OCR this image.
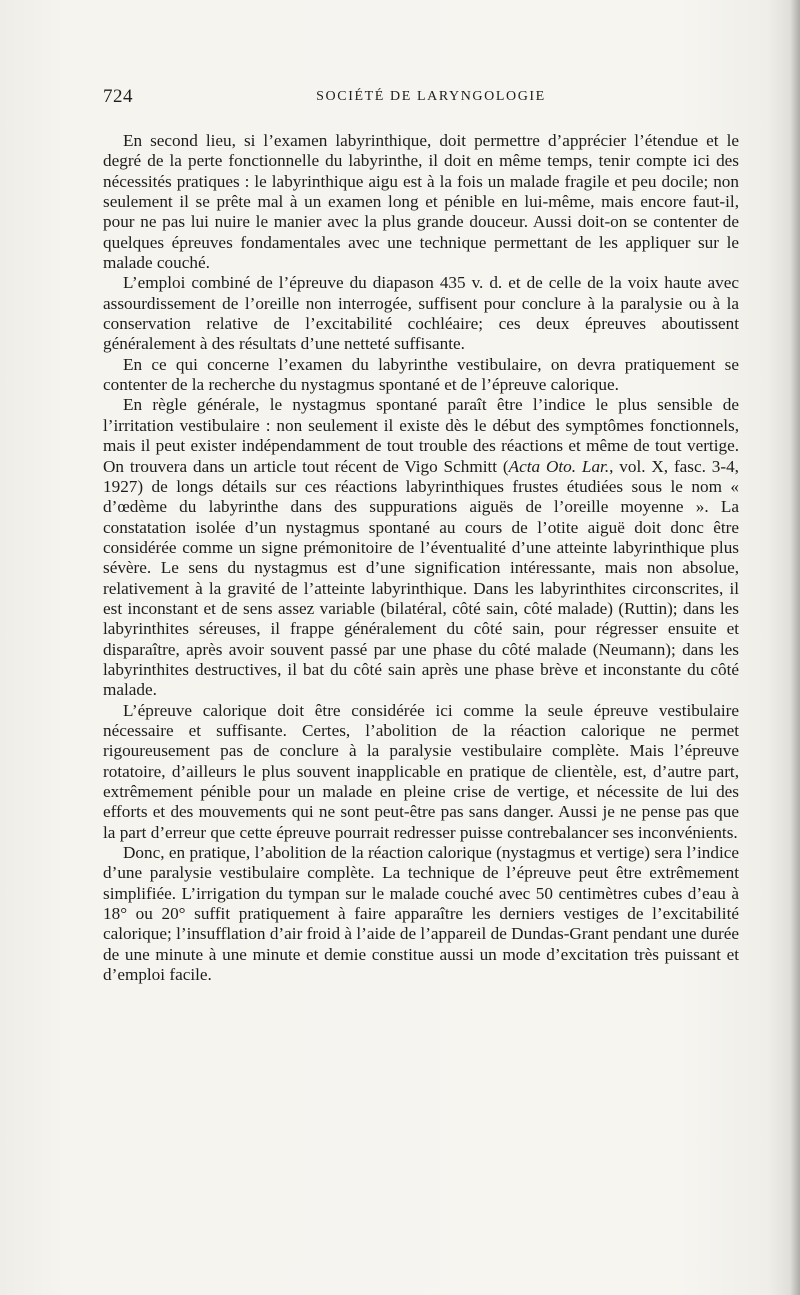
724	SOCIÉTÉ DE LARYNGOLOGIE

En second lieu, si l’examen labyrinthique, doit permettre d’apprécier l’étendue et le degré de la perte fonctionnelle du labyrinthe, il doit en même temps, tenir compte ici des nécessités pratiques : le labyrinthique aigu est à la fois un malade fragile et peu docile; non seulement il se prête mal à un examen long et pénible en lui-même, mais encore faut-il, pour ne pas lui nuire le manier avec la plus grande douceur. Aussi doit-on se contenter de quelques épreuves fondamentales avec une technique permettant de les appliquer sur le malade couché.

L’emploi combiné de l’épreuve du diapason 435 v. d. et de celle de la voix haute avec assourdissement de l’oreille non interrogée, suffisent pour conclure à la paralysie ou à la conservation relative de l’excitabilité cochléaire; ces deux épreuves aboutissent généralement à des résultats d’une netteté suffisante.

En ce qui concerne l’examen du labyrinthe vestibulaire, on devra pratiquement se contenter de la recherche du nystagmus spontané et de l’épreuve calorique.

En règle générale, le nystagmus spontané paraît être l’indice le plus sensible de l’irritation vestibulaire : non seulement il existe dès le début des symptômes fonctionnels, mais il peut exister indépendamment de tout trouble des réactions et même de tout vertige. On trouvera dans un article tout récent de Vigo Schmitt (Acta Oto. Lar., vol. X, fasc. 3-4, 1927) de longs détails sur ces réactions labyrinthiques frustes étudiées sous le nom « d’œdème du labyrinthe dans des suppurations aiguës de l’oreille moyenne ». La constatation isolée d’un nystagmus spontané au cours de l’otite aiguë doit donc être considérée comme un signe prémonitoire de l’éventualité d’une atteinte labyrinthique plus sévère. Le sens du nystagmus est d’une signification intéressante, mais non absolue, relativement à la gravité de l’atteinte labyrinthique. Dans les labyrinthites circonscrites, il est inconstant et de sens assez variable (bilatéral, côté sain, côté malade) (Ruttin); dans les labyrinthites séreuses, il frappe généralement du côté sain, pour régresser ensuite et disparaître, après avoir souvent passé par une phase du côté malade (Neumann); dans les labyrinthites destructives, il bat du côté sain après une phase brève et inconstante du côté malade.

L’épreuve calorique doit être considérée ici comme la seule épreuve vestibulaire nécessaire et suffisante. Certes, l’abolition de la réaction calorique ne permet rigoureusement pas de conclure à la paralysie vestibulaire complète. Mais l’épreuve rotatoire, d’ailleurs le plus souvent inapplicable en pratique de clientèle, est, d’autre part, extrêmement pénible pour un malade en pleine crise de vertige, et nécessite de lui des efforts et des mouvements qui ne sont peut-être pas sans danger. Aussi je ne pense pas que la part d’erreur que cette épreuve pourrait redresser puisse contrebalancer ses inconvénients.

Donc, en pratique, l’abolition de la réaction calorique (nystagmus et vertige) sera l’indice d’une paralysie vestibulaire complète. La technique de l’épreuve peut être extrêmement simplifiée. L’irrigation du tympan sur le malade couché avec 50 centimètres cubes d’eau à 18° ou 20° suffit pratiquement à faire apparaître les derniers vestiges de l’excitabilité calorique; l’insufflation d’air froid à l’aide de l’appareil de Dundas-Grant pendant une durée de une minute à une minute et demie constitue aussi un mode d’excitation très puissant et d’emploi facile.
